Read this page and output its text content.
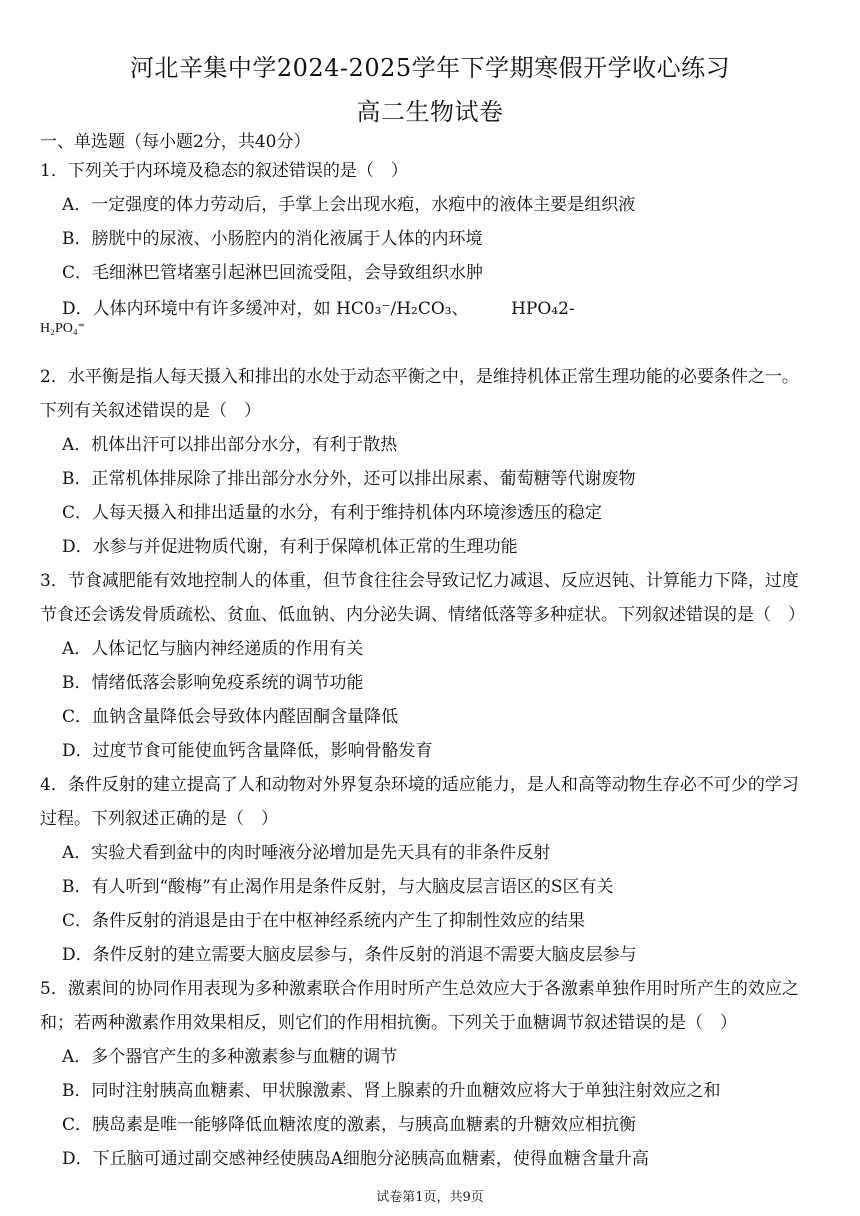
河北辛集中学2024-2025学年下学期寒假开学收心练习
高二生物试卷
一、单选题（每小题2分，共40分）
1．下列关于内环境及稳态的叙述错误的是（　）
A．一定强度的体力劳动后，手掌上会出现水疱，水疱中的液体主要是组织液
B．膀胱中的尿液、小肠腔内的消化液属于人体的内环境
C．毛细淋巴管堵塞引起淋巴回流受阻，会导致组织水肿
D．人体内环境中有许多缓冲对，如 HC0₃⁻/H₂CO₃、　　　HPO₄2-
H₂PO₄⁼
2．水平衡是指人每天摄入和排出的水处于动态平衡之中，是维持机体正常生理功能的必要条件之一。
下列有关叙述错误的是（　）
A．机体出汗可以排出部分水分，有利于散热
B．正常机体排尿除了排出部分水分外，还可以排出尿素、葡萄糖等代谢废物
C．人每天摄入和排出适量的水分，有利于维持机体内环境渗透压的稳定
D．水参与并促进物质代谢，有利于保障机体正常的生理功能
3．节食减肥能有效地控制人的体重，但节食往往会导致记忆力减退、反应迟钝、计算能力下降，过度
节食还会诱发骨质疏松、贫血、低血钠、内分泌失调、情绪低落等多种症状。下列叙述错误的是（　）
A．人体记忆与脑内神经递质的作用有关
B．情绪低落会影响免疫系统的调节功能
C．血钠含量降低会导致体内醛固酮含量降低
D．过度节食可能使血钙含量降低，影响骨骼发育
4．条件反射的建立提高了人和动物对外界复杂环境的适应能力，是人和高等动物生存必不可少的学习
过程。下列叙述正确的是（　）
A．实验犬看到盆中的肉时唾液分泌增加是先天具有的非条件反射
B．有人听到“酸梅”有止渴作用是条件反射，与大脑皮层言语区的S区有关
C．条件反射的消退是由于在中枢神经系统内产生了抑制性效应的结果
D．条件反射的建立需要大脑皮层参与，条件反射的消退不需要大脑皮层参与
5．激素间的协同作用表现为多种激素联合作用时所产生总效应大于各激素单独作用时所产生的效应之
和；若两种激素作用效果相反，则它们的作用相抗衡。下列关于血糖调节叙述错误的是（　）
A．多个器官产生的多种激素参与血糖的调节
B．同时注射胰高血糖素、甲状腺激素、肾上腺素的升血糖效应将大于单独注射效应之和
C．胰岛素是唯一能够降低血糖浓度的激素，与胰高血糖素的升糖效应相抗衡
D．下丘脑可通过副交感神经使胰岛A细胞分泌胰高血糖素，使得血糖含量升高
试卷第1页，共9页
